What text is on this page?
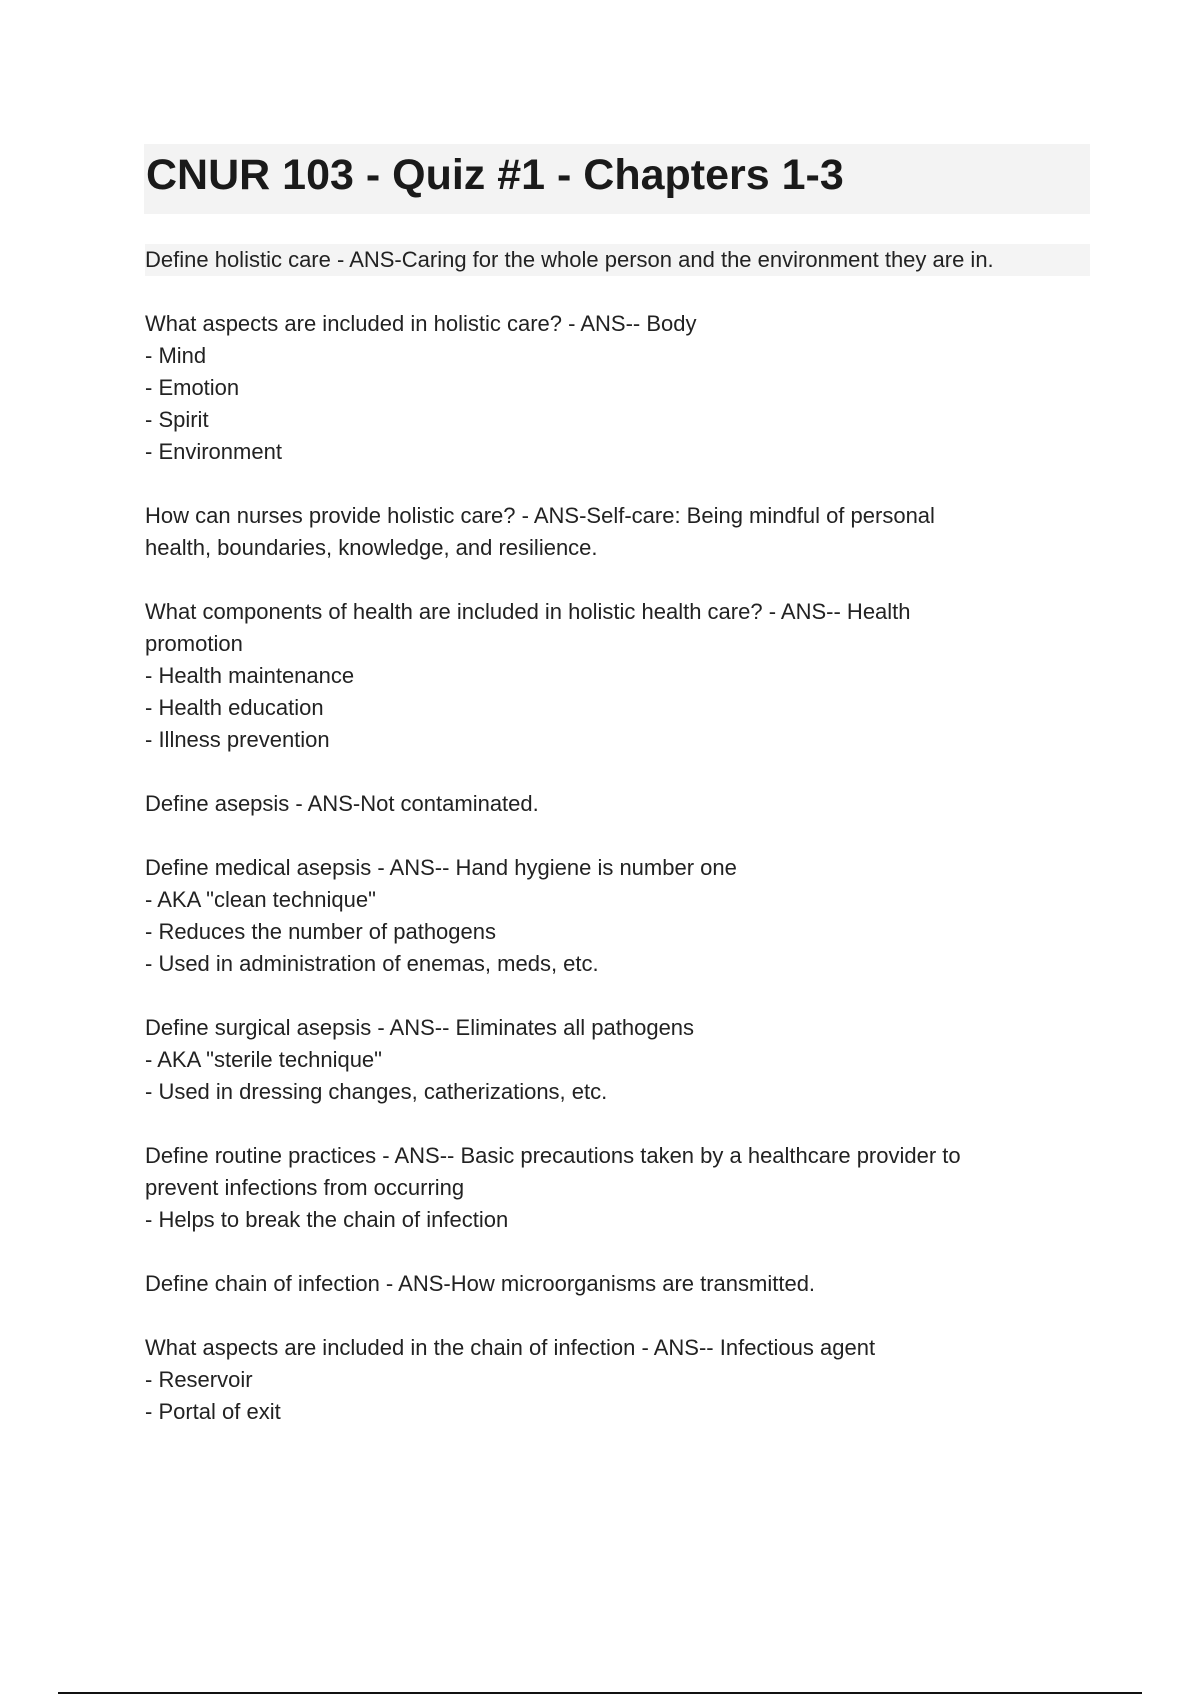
CNUR 103 - Quiz #1 - Chapters 1-3

Define holistic care - ANS-Caring for the whole person and the environment they are in.

What aspects are included in holistic care? - ANS-- Body
- Mind
- Emotion
- Spirit
- Environment

How can nurses provide holistic care? - ANS-Self-care: Being mindful of personal
health, boundaries, knowledge, and resilience.

What components of health are included in holistic health care? - ANS-- Health
promotion
- Health maintenance
- Health education
- Illness prevention

Define asepsis - ANS-Not contaminated.

Define medical asepsis - ANS-- Hand hygiene is number one
- AKA "clean technique"
- Reduces the number of pathogens
- Used in administration of enemas, meds, etc.

Define surgical asepsis - ANS-- Eliminates all pathogens
- AKA "sterile technique"
- Used in dressing changes, catherizations, etc.

Define routine practices - ANS-- Basic precautions taken by a healthcare provider to
prevent infections from occurring
- Helps to break the chain of infection

Define chain of infection - ANS-How microorganisms are transmitted.

What aspects are included in the chain of infection - ANS-- Infectious agent
- Reservoir
- Portal of exit
